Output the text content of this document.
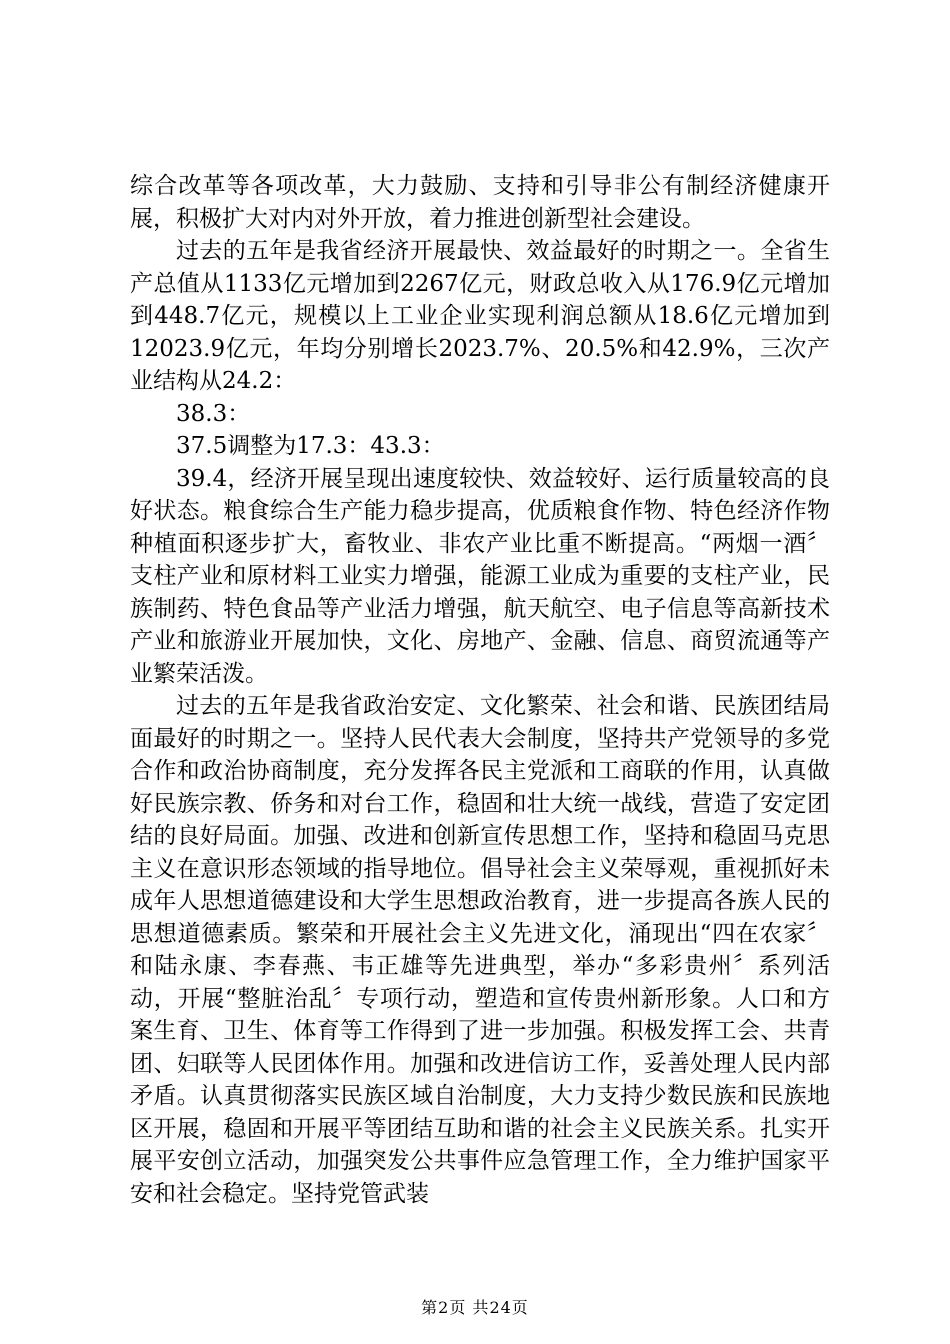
综合改革等各项改革，大力鼓励、支持和引导非公有制经济健康开展，积极扩大对内对外开放，着力推进创新型社会建设。

过去的五年是我省经济开展最快、效益最好的时期之一。全省生产总值从1133亿元增加到2267亿元，财政总收入从176.9亿元增加到448.7亿元，规模以上工业企业实现利润总额从18.6亿元增加到12023.9亿元，年均分别增长2023.7%、20.5%和42.9%，三次产业结构从24.2：

38.3：

37.5调整为17.3：43.3：

39.4，经济开展呈现出速度较快、效益较好、运行质量较高的良好状态。粮食综合生产能力稳步提高，优质粮食作物、特色经济作物种植面积逐步扩大，畜牧业、非农产业比重不断提高。“两烟一酒〞支柱产业和原材料工业实力增强，能源工业成为重要的支柱产业，民族制药、特色食品等产业活力增强，航天航空、电子信息等高新技术产业和旅游业开展加快，文化、房地产、金融、信息、商贸流通等产业繁荣活泼。

过去的五年是我省政治安定、文化繁荣、社会和谐、民族团结局面最好的时期之一。坚持人民代表大会制度，坚持共产党领导的多党合作和政治协商制度，充分发挥各民主党派和工商联的作用，认真做好民族宗教、侨务和对台工作，稳固和壮大统一战线，营造了安定团结的良好局面。加强、改进和创新宣传思想工作，坚持和稳固马克思主义在意识形态领域的指导地位。倡导社会主义荣辱观，重视抓好未成年人思想道德建设和大学生思想政治教育，进一步提高各族人民的思想道德素质。繁荣和开展社会主义先进文化，涌现出“四在农家〞和陆永康、李春燕、韦正雄等先进典型，举办“多彩贵州〞系列活动，开展“整脏治乱〞专项行动，塑造和宣传贵州新形象。人口和方案生育、卫生、体育等工作得到了进一步加强。积极发挥工会、共青团、妇联等人民团体作用。加强和改进信访工作，妥善处理人民内部矛盾。认真贯彻落实民族区域自治制度，大力支持少数民族和民族地区开展，稳固和开展平等团结互助和谐的社会主义民族关系。扎实开展平安创立活动，加强突发公共事件应急管理工作，全力维护国家平安和社会稳定。坚持党管武装

第2页 共24页
